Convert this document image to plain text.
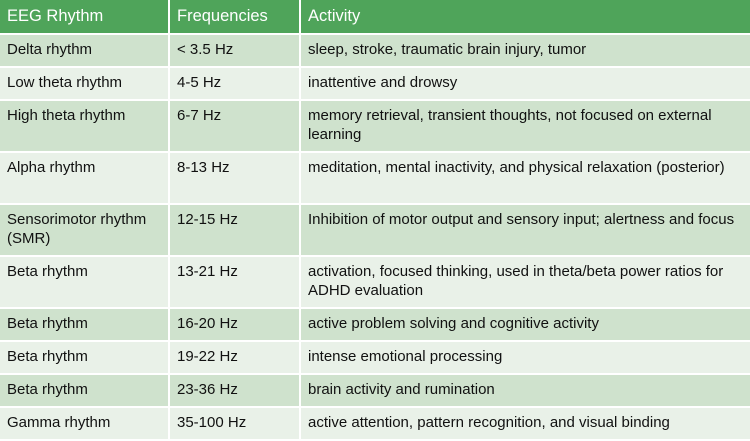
EEG Rhythm	Frequencies	Activity
Delta rhythm	< 3.5 Hz	sleep, stroke, traumatic brain injury, tumor
Low theta rhythm	4-5 Hz	inattentive and drowsy
High theta rhythm	6-7 Hz	memory retrieval, transient thoughts, not focused on external learning
Alpha rhythm	8-13 Hz	meditation, mental inactivity, and physical relaxation (posterior)
Sensorimotor rhythm (SMR)	12-15 Hz	Inhibition of motor output and sensory input; alertness and focus
Beta rhythm	13-21 Hz	activation, focused thinking, used in theta/beta power ratios for ADHD evaluation
Beta rhythm	16-20 Hz	active problem solving and cognitive activity
Beta rhythm	19-22 Hz	intense emotional processing
Beta rhythm	23-36 Hz	brain activity and rumination
Gamma rhythm	35-100 Hz	active attention, pattern recognition, and visual binding
